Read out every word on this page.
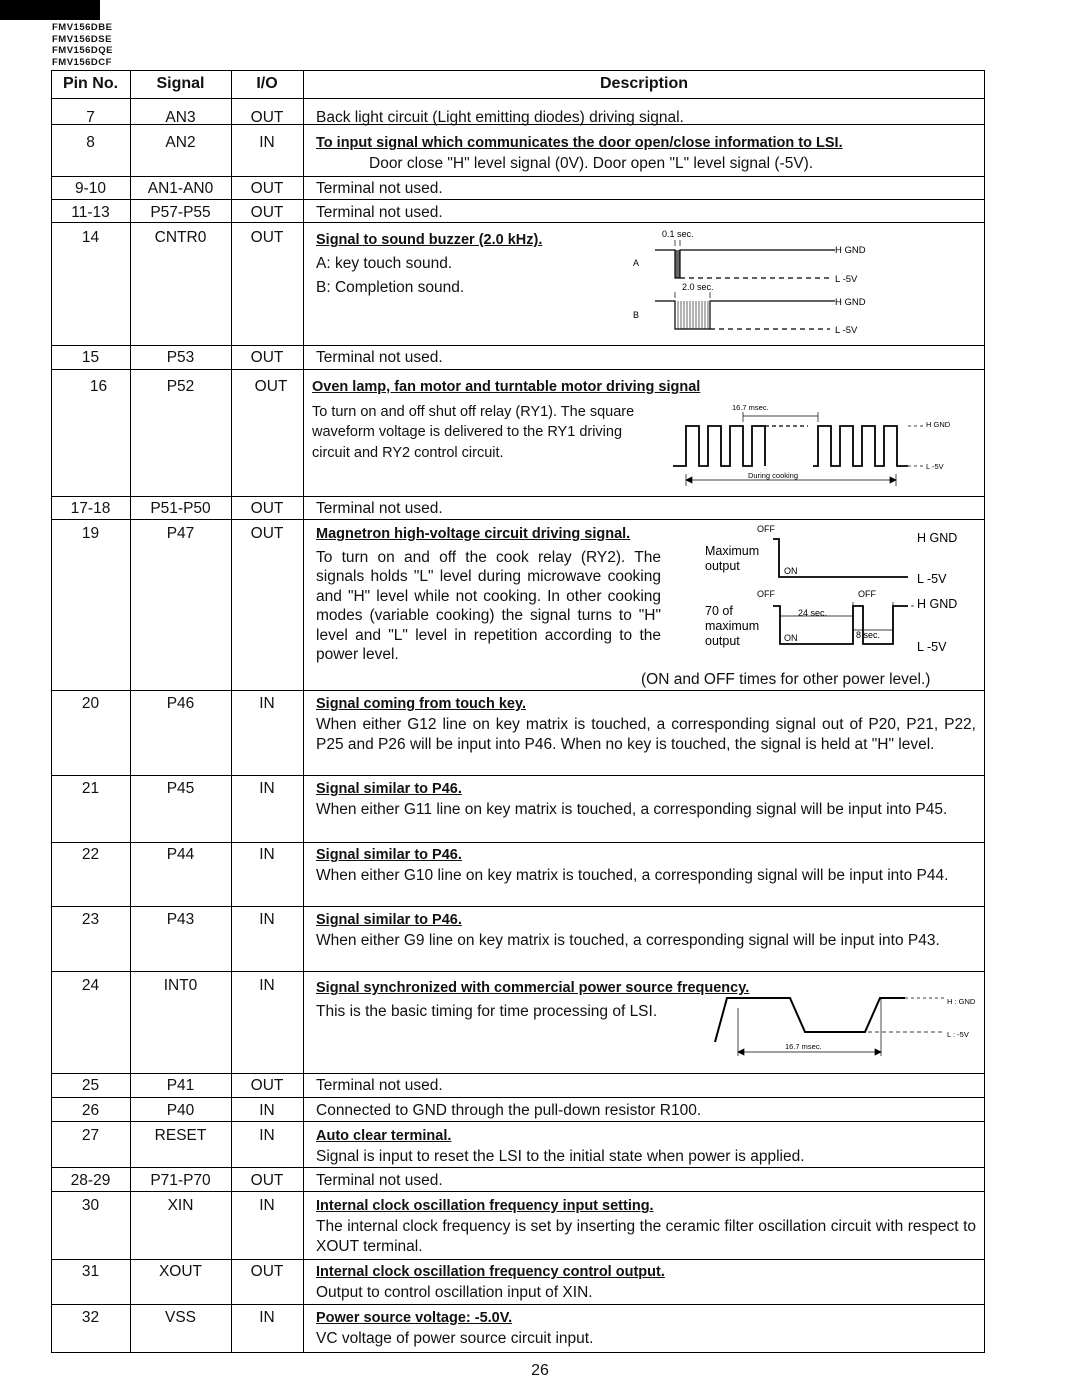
FMV156DBE
FMV156DSE
FMV156DQE
FMV156DCF
Pin No.	Signal	I/O	Description
7	AN3	OUT	Back light circuit (Light emitting diodes) driving signal.
8	AN2	IN	To input signal which communicates the door open/close information to LSI.
Door close "H" level signal (0V). Door open "L" level signal (-5V).
9-10	AN1-AN0	OUT	Terminal not used.
11-13	P57-P55	OUT	Terminal not used.
14	CNTR0	OUT	Signal to sound buzzer (2.0 kHz).
A: key touch sound.
B: Completion sound.
0.1 sec.
2.0 sec.
A
B
H GND
L -5V
H GND
L -5V
15	P53	OUT	Terminal not used.
16	P52	OUT	Oven lamp, fan motor and turntable motor driving signal
To turn on and off shut off relay (RY1). The square waveform voltage is delivered to the RY1 driving circuit and RY2 control circuit.
16.7 msec.
During cooking
H GND
L -5V
17-18	P51-P50	OUT	Terminal not used.
19	P47	OUT	Magnetron high-voltage circuit driving signal.
To turn on and off the cook relay (RY2). The signals holds "L" level during microwave cooking and "H" level while not cooking. In other cooking modes (variable cooking) the signal turns to "H" level and "L" level in repetition according to the power level.
(ON and OFF times for other power level.)
OFF
ON
Maximum
output
H GND
L -5V
OFF	OFF
24 sec.
8 sec.
ON
70 of
maximum
output
H GND
L -5V
20	P46	IN	Signal coming from touch key.
When either G12 line on key matrix is touched, a corresponding signal out of P20, P21, P22, P25 and P26 will be input into P46. When no key is touched, the signal is held at "H" level.
21	P45	IN	Signal similar to P46.
When either G11 line on key matrix is touched, a corresponding signal will be input into P45.
22	P44	IN	Signal similar to P46.
When either G10 line on key matrix is touched, a corresponding signal will be input into P44.
23	P43	IN	Signal similar to P46.
When either G9 line on key matrix is touched, a corresponding signal will be input into P43.
24	INT0	IN	Signal synchronized with commercial power source frequency.
This is the basic timing for time processing of LSI.
H : GND
L : -5V
16.7 msec.
25	P41	OUT	Terminal not used.
26	P40	IN	Connected to GND through the pull-down resistor R100.
27	RESET	IN	Auto clear terminal.
Signal is input to reset the LSI to the initial state when power is applied.
28-29	P71-P70	OUT	Terminal not used.
30	XIN	IN	Internal clock oscillation frequency input setting.
The internal clock frequency is set by inserting the ceramic filter oscillation circuit with respect to XOUT terminal.
31	XOUT	OUT	Internal clock oscillation frequency control output.
Output to control oscillation input of XIN.
32	VSS	IN	Power source voltage: -5.0V.
VC voltage of power source circuit input.
26
